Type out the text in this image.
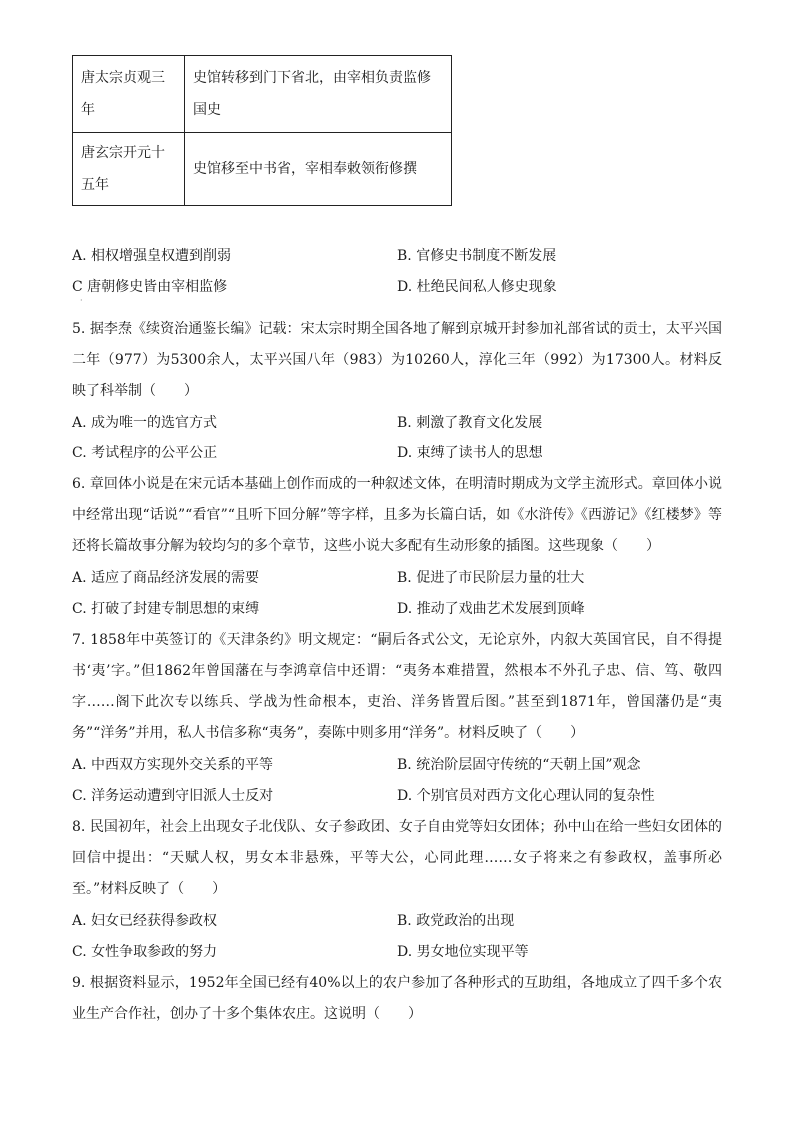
唐太宗贞观三年	史馆转移到门下省北，由宰相负责监修国史
唐玄宗开元十五年	史馆移至中书省，宰相奉敕领衔修撰
A. 相权增强皇权遭到削弱	B. 官修史书制度不断发展
C 唐朝修史皆由宰相监修	D. 杜绝民间私人修史现象
·
5. 据李焘《续资治通鉴长编》记载：宋太宗时期全国各地了解到京城开封参加礼部省试的贡士，太平兴国二年（977）为5300余人，太平兴国八年（983）为10260人，淳化三年（992）为17300人。材料反映了科举制（　　）
A. 成为唯一的选官方式	B. 刺激了教育文化发展
C. 考试程序的公平公正	D. 束缚了读书人的思想
6. 章回体小说是在宋元话本基础上创作而成的一种叙述文体，在明清时期成为文学主流形式。章回体小说中经常出现“话说”“看官”“且听下回分解”等字样，且多为长篇白话，如《水浒传》《西游记》《红楼梦》等还将长篇故事分解为较均匀的多个章节，这些小说大多配有生动形象的插图。这些现象（　　）
A. 适应了商品经济发展的需要	B. 促进了市民阶层力量的壮大
C. 打破了封建专制思想的束缚	D. 推动了戏曲艺术发展到顶峰
7. 1858年中英签订的《天津条约》明文规定：“嗣后各式公文，无论京外，内叙大英国官民，自不得提书‘夷’字。”但1862年曾国藩在与李鸿章信中还谓：“夷务本难措置，然根本不外孔子忠、信、笃、敬四字……阁下此次专以练兵、学战为性命根本，吏治、洋务皆置后图。”甚至到1871年，曾国藩仍是“夷务”“洋务”并用，私人书信多称“夷务”，奏陈中则多用“洋务”。材料反映了（　　）
A. 中西双方实现外交关系的平等	B. 统治阶层固守传统的“天朝上国”观念
C. 洋务运动遭到守旧派人士反对	D. 个别官员对西方文化心理认同的复杂性
8. 民国初年，社会上出现女子北伐队、女子参政团、女子自由党等妇女团体；孙中山在给一些妇女团体的回信中提出：“天赋人权，男女本非悬殊，平等大公，心同此理……女子将来之有参政权，盖事所必至。”材料反映了（　　）
A. 妇女已经获得参政权	B. 政党政治的出现
C. 女性争取参政的努力	D. 男女地位实现平等
9. 根据资料显示，1952年全国已经有40%以上的农户参加了各种形式的互助组，各地成立了四千多个农业生产合作社，创办了十多个集体农庄。这说明（　　）
